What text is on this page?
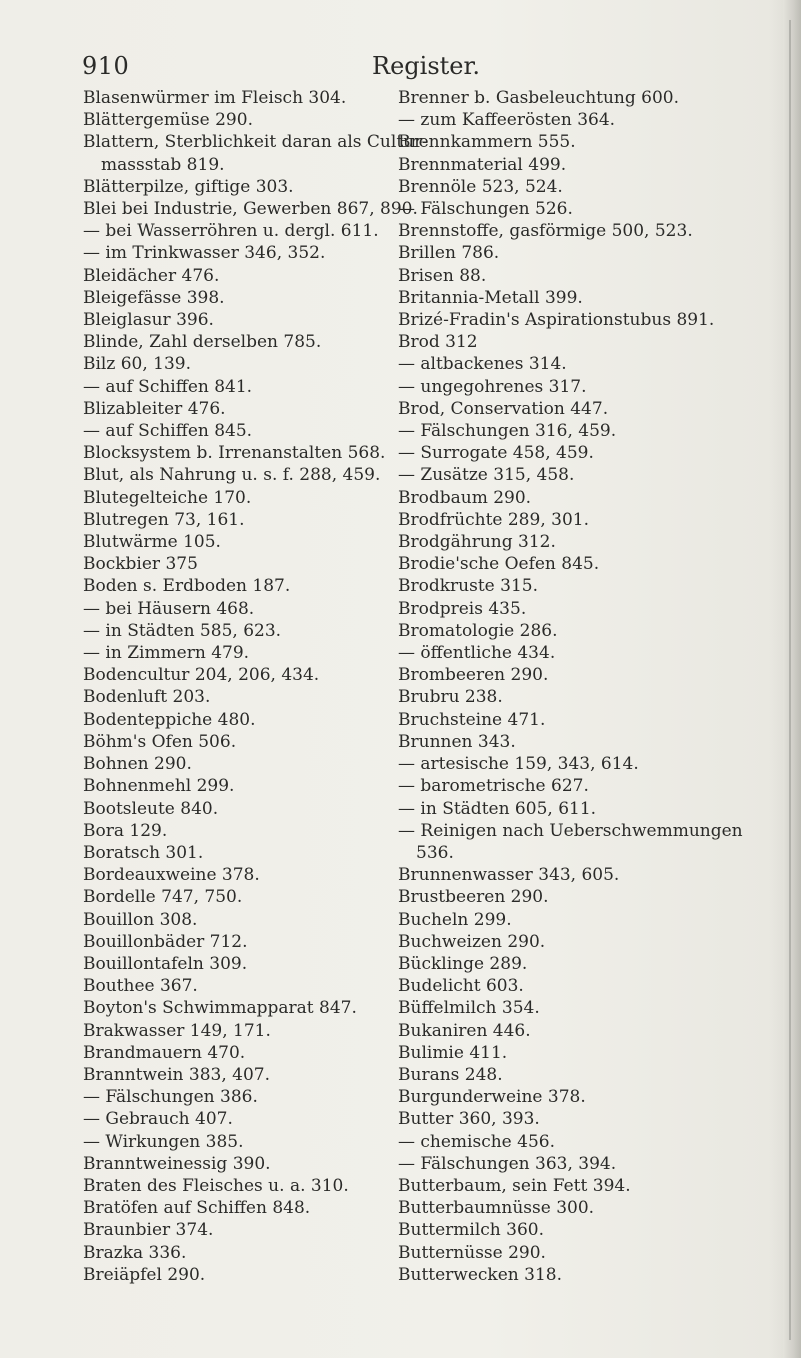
910	Register.
Blasenwürmer im Fleisch 304.
Blättergemüse 290.
Blattern, Sterblichkeit daran als Cultur-
massstab 819.
Blätterpilze, giftige 303.
Blei bei Industrie, Gewerben 867, 890.
— bei Wasserröhren u. dergl. 611.
— im Trinkwasser 346, 352.
Bleidächer 476.
Bleigefässe 398.
Bleiglasur 396.
Blinde, Zahl derselben 785.
Bilz 60, 139.
— auf Schiffen 841.
Blizableiter 476.
— auf Schiffen 845.
Blocksystem b. Irrenanstalten 568.
Blut, als Nahrung u. s. f. 288, 459.
Blutegelteiche 170.
Blutregen 73, 161.
Blutwärme 105.
Bockbier 375
Boden s. Erdboden 187.
— bei Häusern 468.
— in Städten 585, 623.
— in Zimmern 479.
Bodencultur 204, 206, 434.
Bodenluft 203.
Bodenteppiche 480.
Böhm's Ofen 506.
Bohnen 290.
Bohnenmehl 299.
Bootsleute 840.
Bora 129.
Boratsch 301.
Bordeauxweine 378.
Bordelle 747, 750.
Bouillon 308.
Bouillonbäder 712.
Bouillontafeln 309.
Bouthee 367.
Boyton's Schwimmapparat 847.
Brakwasser 149, 171.
Brandmauern 470.
Branntwein 383, 407.
— Fälschungen 386.
— Gebrauch 407.
— Wirkungen 385.
Branntweinessig 390.
Braten des Fleisches u. a. 310.
Bratöfen auf Schiffen 848.
Braunbier 374.
Brazka 336.
Breiäpfel 290.
Brenner b. Gasbeleuchtung 600.
— zum Kaffeerösten 364.
Brennkammern 555.
Brennmaterial 499.
Brennöle 523, 524.
— Fälschungen 526.
Brennstoffe, gasförmige 500, 523.
Brillen 786.
Brisen 88.
Britannia-Metall 399.
Brizé-Fradin's Aspirationstubus 891.
Brod 312
— altbackenes 314.
— ungegohrenes 317.
Brod, Conservation 447.
— Fälschungen 316, 459.
— Surrogate 458, 459.
— Zusätze 315, 458.
Brodbaum 290.
Brodfrüchte 289, 301.
Brodgährung 312.
Brodie'sche Oefen 845.
Brodkruste 315.
Brodpreis 435.
Bromatologie 286.
— öffentliche 434.
Brombeeren 290.
Brubru 238.
Bruchsteine 471.
Brunnen 343.
— artesische 159, 343, 614.
— barometrische 627.
— in Städten 605, 611.
— Reinigen nach Ueberschwemmungen
536.
Brunnenwasser 343, 605.
Brustbeeren 290.
Bucheln 299.
Buchweizen 290.
Bücklinge 289.
Budelicht 603.
Büffelmilch 354.
Bukaniren 446.
Bulimie 411.
Burans 248.
Burgunderweine 378.
Butter 360, 393.
— chemische 456.
— Fälschungen 363, 394.
Butterbaum, sein Fett 394.
Butterbaumnüsse 300.
Buttermilch 360.
Butternüsse 290.
Butterwecken 318.
